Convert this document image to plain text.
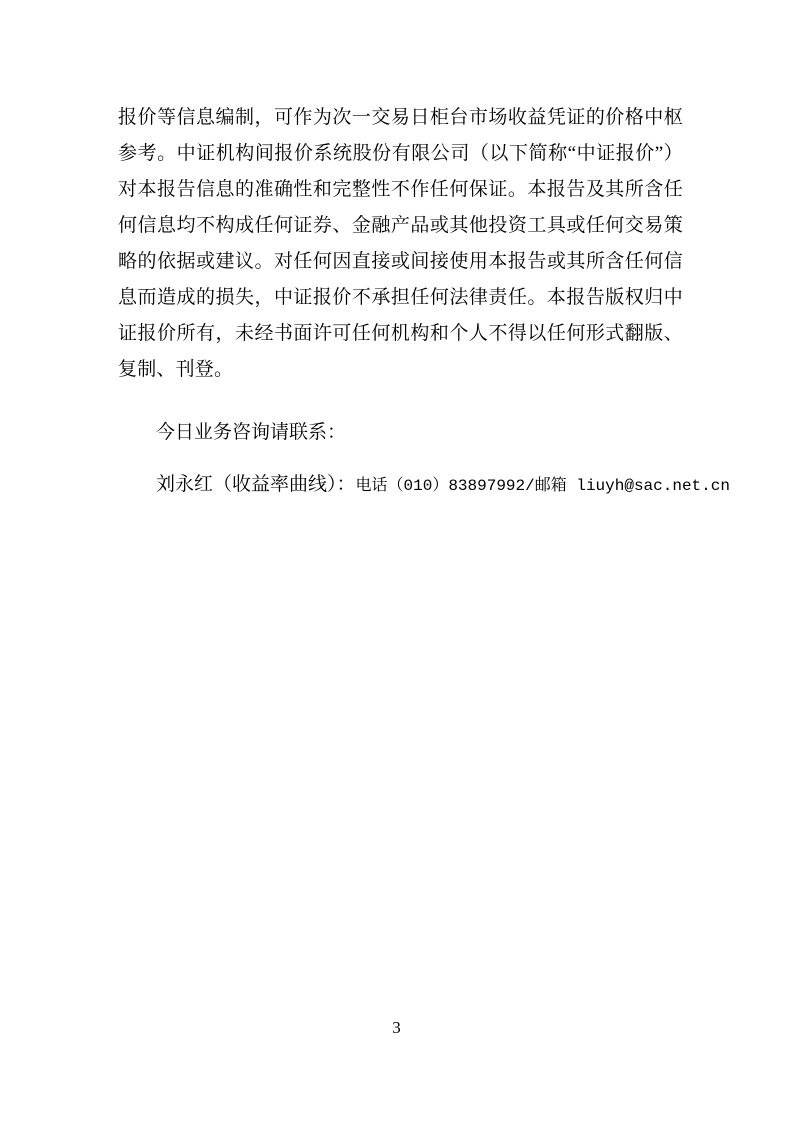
报价等信息编制，可作为次一交易日柜台市场收益凭证的价格中枢参考。中证机构间报价系统股份有限公司（以下简称“中证报价”）对本报告信息的准确性和完整性不作任何保证。本报告及其所含任何信息均不构成任何证券、金融产品或其他投资工具或任何交易策略的依据或建议。对任何因直接或间接使用本报告或其所含任何信息而造成的损失，中证报价不承担任何法律责任。本报告版权归中证报价所有，未经书面许可任何机构和个人不得以任何形式翻版、复制、刊登。

今日业务咨询请联系：
刘永红（收益率曲线）：电话（010）83897992/邮箱 liuyh@sac.net.cn
3
